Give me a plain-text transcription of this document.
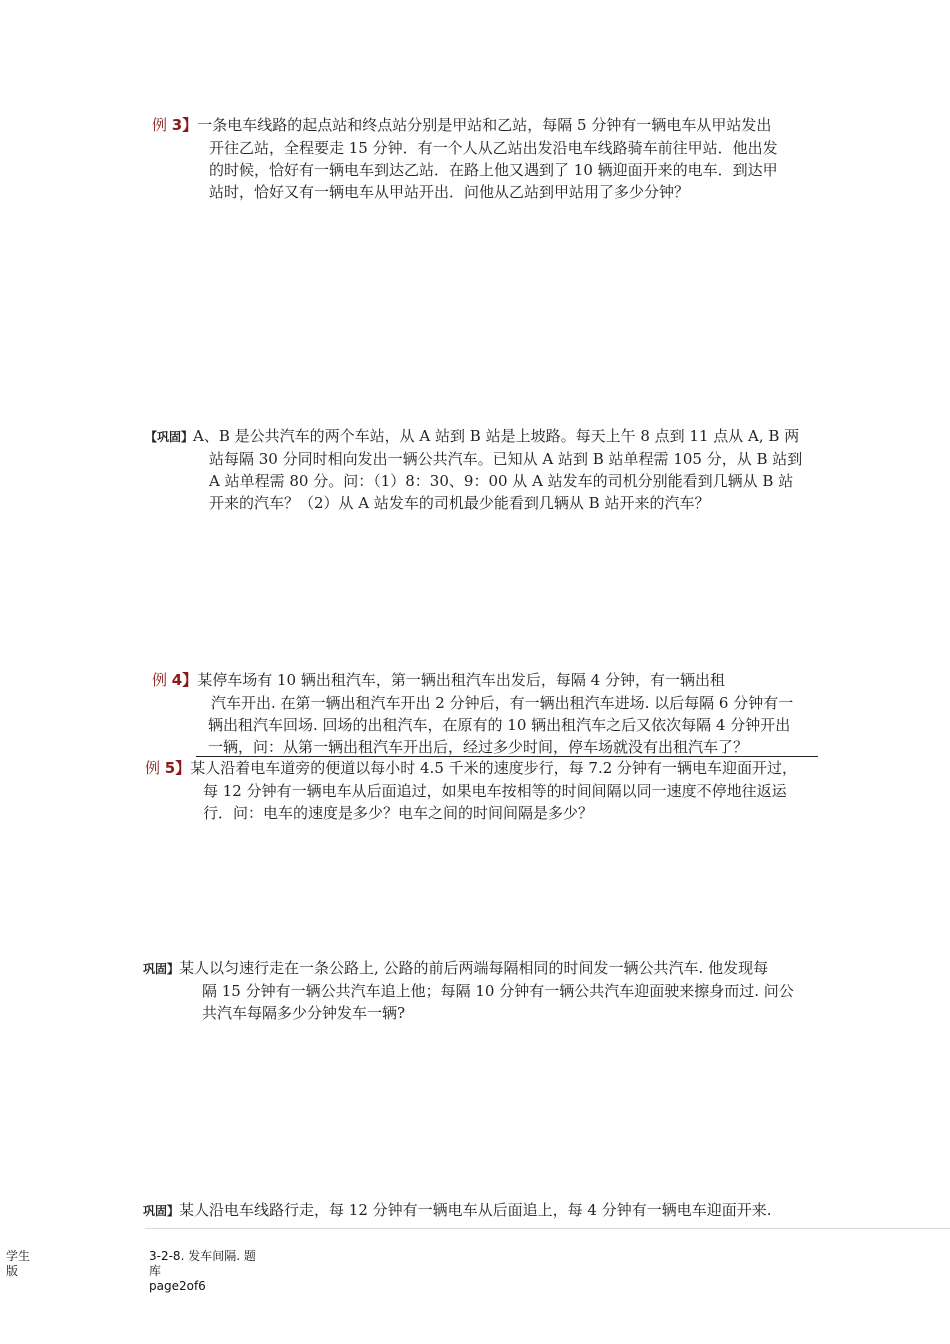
例 3】一条电车线路的起点站和终点站分别是甲站和乙站，每隔 5 分钟有一辆电车从甲站发出
开往乙站，全程要走 15 分钟．有一个人从乙站出发沿电车线路骑车前往甲站．他出发
的时候，恰好有一辆电车到达乙站．在路上他又遇到了 10 辆迎面开来的电车．到达甲
站时，恰好又有一辆电车从甲站开出．问他从乙站到甲站用了多少分钟？
【巩固】A、B 是公共汽车的两个车站，从 A 站到 B 站是上坡路。每天上午 8 点到 11 点从 A, B 两
站每隔 30 分同时相向发出一辆公共汽车。已知从 A 站到 B 站单程需 105 分，从 B 站到
A 站单程需 80 分。问：（1）8：30、9：00 从 A 站发车的司机分别能看到几辆从 B 站
开来的汽车？（2）从 A 站发车的司机最少能看到几辆从 B 站开来的汽车？
例 4】某停车场有 10 辆出租汽车，第一辆出租汽车出发后，每隔 4 分钟，有一辆出租
汽车开出. 在第一辆出租汽车开出 2 分钟后，有一辆出租汽车进场. 以后每隔 6 分钟有一
辆出租汽车回场. 回场的出租汽车，在原有的 10 辆出租汽车之后又依次每隔 4 分钟开出
一辆，问：从第一辆出租汽车开出后，经过多少时间，停车场就没有出租汽车了？
例 5】某人沿着电车道旁的便道以每小时 4.5 千米的速度步行，每 7.2 分钟有一辆电车迎面开过，
每 12 分钟有一辆电车从后面追过，如果电车按相等的时间间隔以同一速度不停地往返运
行．问：电车的速度是多少？电车之间的时间间隔是多少？
巩固】某人以匀速行走在一条公路上, 公路的前后两端每隔相同的时间发一辆公共汽车. 他发现每
隔 15 分钟有一辆公共汽车追上他；每隔 10 分钟有一辆公共汽车迎面驶来擦身而过. 问公
共汽车每隔多少分钟发车一辆?
巩固】某人沿电车线路行走，每 12 分钟有一辆电车从后面追上，每 4 分钟有一辆电车迎面开来.
学生
版
3-2-8. 发车间隔. 题
库
page2of6
